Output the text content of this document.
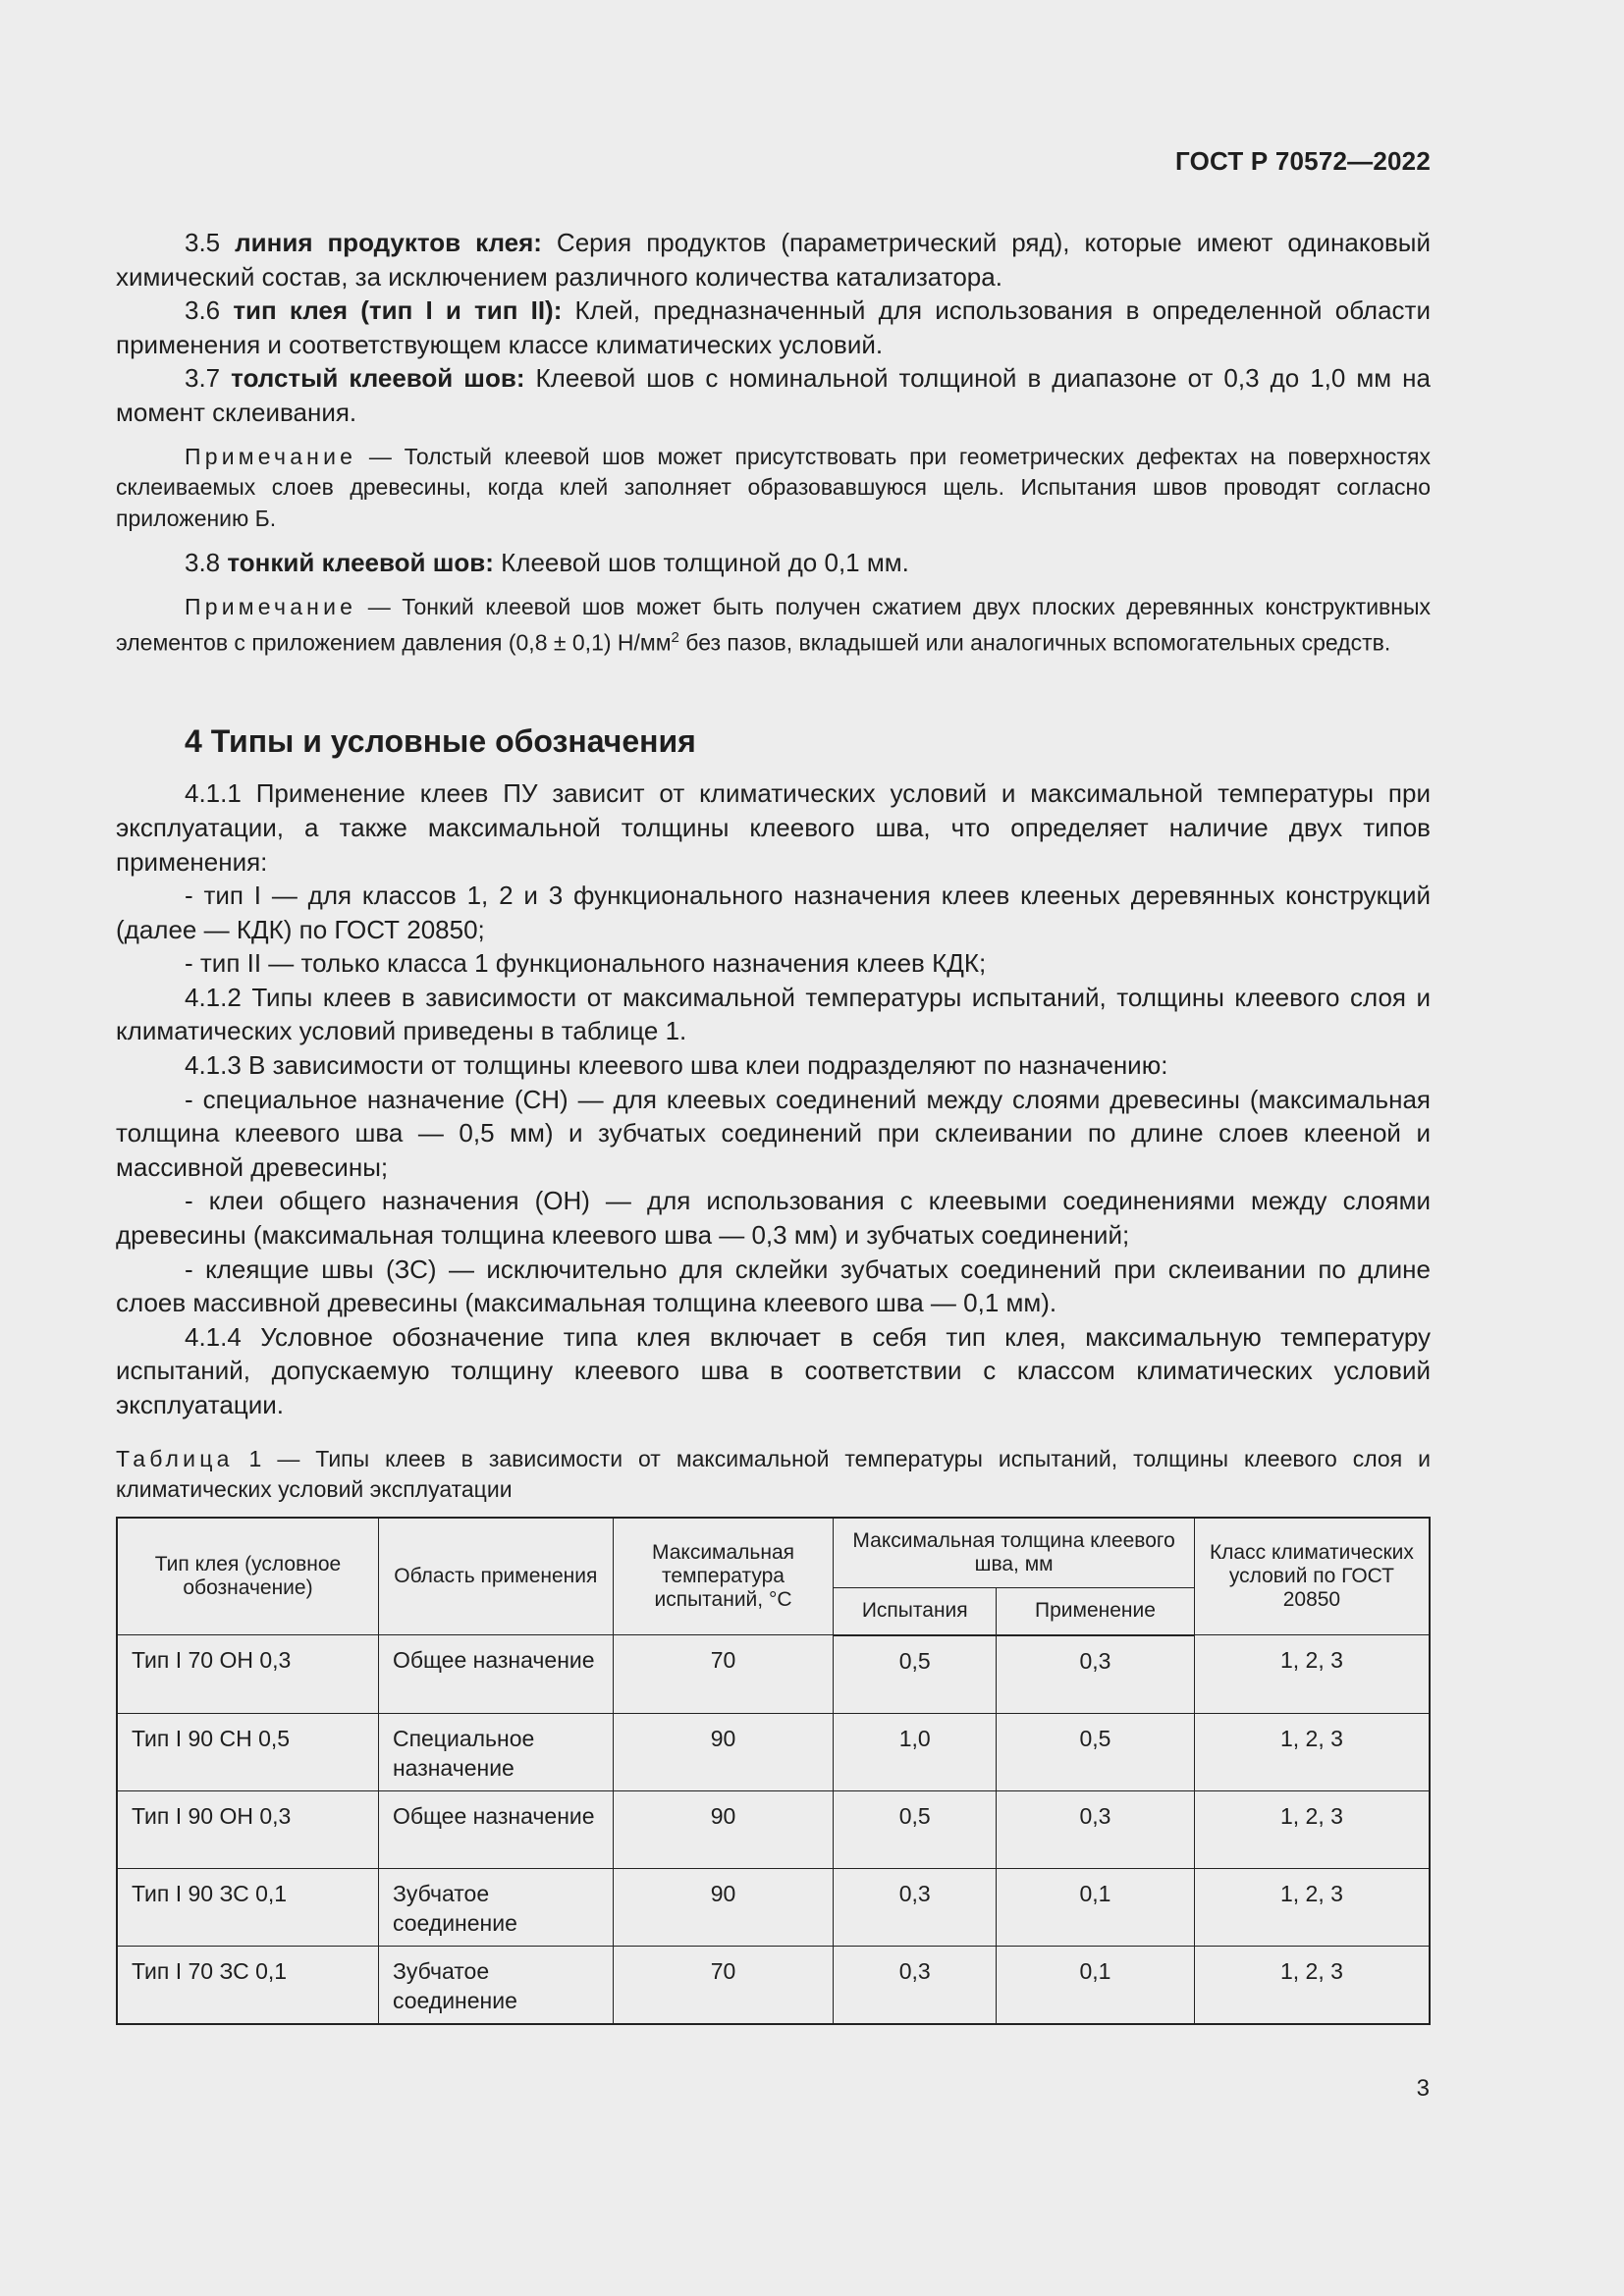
ГОСТ Р 70572—2022

3.5 линия продуктов клея: Серия продуктов (параметрический ряд), которые имеют одинаковый химический состав, за исключением различного количества катализатора.

3.6 тип клея (тип I и тип II): Клей, предназначенный для использования в определенной области применения и соответствующем классе климатических условий.

3.7 толстый клеевой шов: Клеевой шов с номинальной толщиной в диапазоне от 0,3 до 1,0 мм на момент склеивания.

Примечание — Толстый клеевой шов может присутствовать при геометрических дефектах на поверхностях склеиваемых слоев древесины, когда клей заполняет образовавшуюся щель. Испытания швов проводят согласно приложению Б.

3.8 тонкий клеевой шов: Клеевой шов толщиной до 0,1 мм.

Примечание — Тонкий клеевой шов может быть получен сжатием двух плоских деревянных конструктивных элементов с приложением давления (0,8 ± 0,1) $Н/мм^2$ без пазов, вкладышей или аналогичных вспомогательных средств.

4 Типы и условные обозначения

4.1.1 Применение клеев ПУ зависит от климатических условий и максимальной температуры при эксплуатации, а также максимальной толщины клеевого шва, что определяет наличие двух типов применения:

- тип I — для классов 1, 2 и 3 функционального назначения клеев клееных деревянных конструкций (далее — КДК) по ГОСТ 20850;

- тип II — только класса 1 функционального назначения клеев КДК;

4.1.2 Типы клеев в зависимости от максимальной температуры испытаний, толщины клеевого слоя и климатических условий приведены в таблице 1.

4.1.3 В зависимости от толщины клеевого шва клеи подразделяют по назначению:

- специальное назначение (СН) — для клеевых соединений между слоями древесины (максимальная толщина клеевого шва — 0,5 мм) и зубчатых соединений при склеивании по длине слоев клееной и массивной древесины;

- клеи общего назначения (ОН) — для использования с клеевыми соединениями между слоями древесины (максимальная толщина клеевого шва — 0,3 мм) и зубчатых соединений;

- клеящие швы (ЗС) — исключительно для склейки зубчатых соединений при склеивании по длине слоев массивной древесины (максимальная толщина клеевого шва — 0,1 мм).

4.1.4 Условное обозначение типа клея включает в себя тип клея, максимальную температуру испытаний, допускаемую толщину клеевого шва в соответствии с классом климатических условий эксплуатации.

Таблица 1 — Типы клеев в зависимости от максимальной температуры испытаний, толщины клеевого слоя и климатических условий эксплуатации

Тип клея (условное обозначение)	Область применения	Максимальная температура испытаний, °С	Максимальная толщина клеевого шва, мм		Класс климатических условий по ГОСТ 20850
			Испытания	Применение	
Тип I 70 ОН 0,3	Общее назначение	70	0,5	0,3	1, 2, 3
Тип I 90 СН 0,5	Специальное назначение	90	1,0	0,5	1, 2, 3
Тип I 90 ОН 0,3	Общее назначение	90	0,5	0,3	1, 2, 3
Тип I 90 ЗС 0,1	Зубчатое соединение	90	0,3	0,1	1, 2, 3
Тип I 70 ЗС 0,1	Зубчатое соединение	70	0,3	0,1	1, 2, 3
3
